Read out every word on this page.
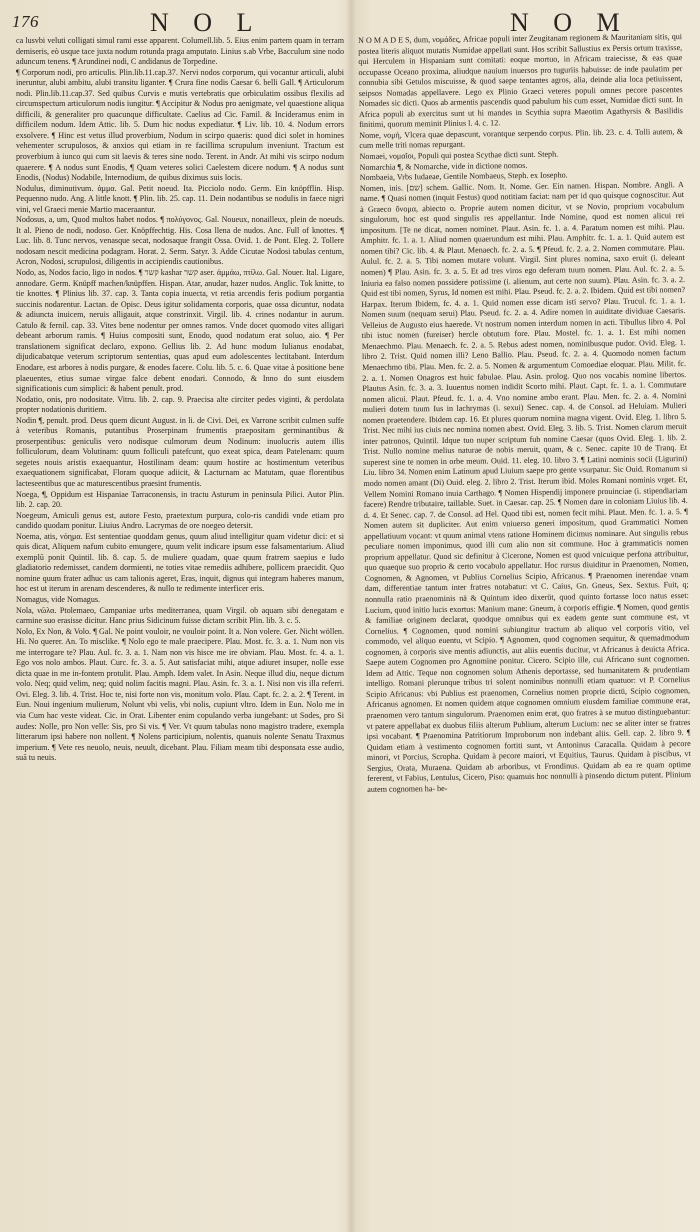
176	N O L	N O M

ca lusvbi veluti colligati simul rami esse apparent. Columell.lib. 5. Eius enim partem quam in terram demiseris, eò usque tace juxta nodum rotunda praga amputato. Linius s.ab Vrbe, Bacculum sine nodo aduncum tenens. ¶ Arundinei nodi, C andidanus de Torpedine.

¶ Corporum nodi, pro articulis. Plin.lib.11.cap.37. Nervi nodos corporum, qui vocantur articuli, alubi ineruntur, alubi ambitu, alubi transitu liganter. ¶ Crura fine nodis Caesar 6. belli Gall. ¶ Articulorum nodi. Plin.lib.11.cap.37. Sed quibus Curvis e mutis vertebratis que orbiculatim ossibus flexilis ad circumspectum articulorum nodis iungitur. ¶ Accipitur & Nodus pro aenigmate, vel quaestione aliqua difficili, & generaliter pro quacunque difficultate. Caelius ad Cic. Famil. & Incideramus enim in difficilem nodum. Idem Attic. lib. 5. Dum hic nodus expediatur. ¶ Liv. lib. 10. 4. Nodum errors exsolvere. ¶ Hinc est vetus illud proverbium, Nodum in scirpo quaeris: quod dici solet in homines vehementer scrupulosos, & anxios qui etiam in re facillima scrupulum inveniunt. Tractum est proverbium à iunco qui cum sit laevis & teres sine nodo. Terent. in Andr. At mihi vis scirpo nodum quaerere. ¶ A nodus sunt Enodis, ¶ Quam veteres solici Caelestem dicere nodum. ¶ A nodus sunt Enodis, (Nodus) Nodabile, Internodium, de quibus diximus suis locis.

Nodulus, diminutivum. ἀμμα. Gal. Petit noeud. Ita. Picciolo nodo. Germ. Ein knöpfflin. Hisp. Pequenno nudo. Ang. A little knott. ¶ Plin. lib. 25. cap. 11. Dein nodantibus se nodulis in faece nigri vini, vel Graeci menie Martio maceraantur.

Nodosus, a, um, Quod multos habet nodos. ¶ πολύγονος. Gal. Noueux, nonailleux, plein de noeuds. It al. Pieno de nodi, nodoso. Ger. Knöpffechtig. His. Cosa llena de nudos. Anc. Full of knottes. ¶ Luc. lib. 8. Tunc nervos, venasque secat, nodosaque frangit Ossa. Ovid. 1. de Pont. Eleg. 2. Tollere nodosam nescit medicina podagram. Horat. 2. Serm. Satyr. 3. Adde Cicutae Nodosi tabulas centum, Acron, Nodosi, scrupulosi, diligentis in accipiendis cautionibus.

Nodo, as, Nodos facio, ligo in nodos. ¶ קשר kashar קשר aser. ἀμμάω, πτίλω. Gal. Nouer. Ital. Ligare, annodare. Germ. Knüpff machen/knüpffen. Hispan. Atar, anudar, hazer nudos. Anglic. Tok knitte, to tie knottes. ¶ Plinius lib. 37. cap. 3. Tanta copia inuecta, vt retia arcendis feris podium porgantia succinis nodarentur. Lactan. de Opisc. Deus igitur solidamenta corporis, quae ossa dicuntur, nodata & adiuncta inuicem, neruis alligauit, atque constrinxit. Virgil. lib. 4. crines nodantur in aurum. Catulo & fernil. cap. 33. Vites bene nodentur per omnes ramos. Vnde docet quomodo vites alligari debeant arborum ramis. ¶ Huius compositi sunt, Enodo, quod nodatum erat soluo, aio. ¶ Per translationem significat declaro, expono. Gellius lib. 2. Ad hunc modum Iulianus enodabat, dijudicabatque veterum scriptorum sententias, quas apud eum adolescentes lectitabant. Interdum Enodare, est arbores à nodis purgare, & enodes facere. Colu. lib. 5. c. 6. Quae vitae à positione bene plaeuentes, etius sumae virgae falce debent enodari. Connodo, & Inno do sunt eiusdem significationis cum simplici: & habent penult. prod.

Nodatio, onis, pro nodositate. Vitru. lib. 2. cap. 9. Praecisa alte circiter pedes viginti, & perdolata propter nodationis duritiem.

Nodin ¶, penult. prod. Deus quem dicunt August. in li. de Civi. Dei, ex Varrone scribit culmen suffe à veteribus Romanis, putantibus Proserpinam frumentis praepositam germinantibus & proserpentibus: geniculis vero nodisque culmorum deum Nodinum: inuolucris autem illis folliculorum, deam Volutinam: quum folliculi patefcunt, quo exeat spica, deam Patelenam: quum segetes nouis aristis exaequantur, Hostilinam deam: quum hostire ac hostimentum veteribus exaequationem significabat, Floram quoque adiicit, & Lacturnam ac Matutam, quae florentibus lacteseentibus que ac maturescentibus praesint frumentis.

Noega, ¶, Oppidum est Hispaniae Tarraconensis, in tractu Asturum in peninsula Pilici. Autor Plin. lib. 2. cap. 20.

Noegeum, Amiculi genus est, autore Festo, praetextum purpura, colo-ris candidi vnde etiam pro candido quodam ponitur. Liuius Andro. Lacrymas de ore noegeo detersit.

Noema, atis, νόημα. Est sententiae quoddam genus, quum aliud intelligitur quam videtur dici: et si quis dicat, Aliquem nafum cubito emungere, quum velit indicare ipsum esse falsamentarium. Aliud exemplū ponit Quintil. lib. 8. cap. 5. de muliere quadam, quae quum fratrem saepius e ludo gladiatorio redemisset, candem dormienti, ne toties vitae remediis adhibere, pollicem praecidit. Quo nomine quum frater adhuc us cam talionis ageret, Eras, inquit, dignus qui integram haberes manum, hoc est ut iterum in arenam descenderes, & nullo te redimente interficer eris.

Nomagus, vide Nomagus.

Nola, νῶλα. Ptolemaeo, Campaniae urbs mediterranea, quam Virgil. ob aquam sibi denegatam e carmine suo erasisse dicitur. Hanc prius Sidicinum fuisse dictam scribit Plin. lib. 3. c. 5.

Nolo, Ex Non, & Volo. ¶ Gal. Ne point vouloir, ne vouloir point. It a. Non volere. Ger. Nicht wöllen. Hi. No querer. An. To misclike. ¶ Nolo ego te male praecipere. Plau. Most. fc. 3. a. 1. Num non vis me interrogare te? Plau. Aul. fc. 3. a. 1. Nam non vis hisce me ire obviam. Plau. Most. fc. 4. a. 1. Ego vos nolo ambos. Plaut. Curc. fc. 3. a. 5. Aut satisfaciat mihi, atque adiuret insuper, nolle esse dicta quae in me in-fontem protulit. Plau. Amph. Idem valet. In Asin. Neque illud diu, neque dictum volo. Neq; quid velim, neq; quid nolim facitis magni. Plau. Asin. fc. 3. a. 1. Nisi non vis illa referri. Ovi. Eleg. 3. lib. 4. Trist. Hoc te, nisi forte non vis, monitum volo. Plau. Capt. fc. 2. a. 2. ¶ Terent. in Eun. Noui ingenium mulierum, Nolunt vbi velis, vbi nolis, cupiunt vltro. Idem in Eun. Nolo me in via Cum hac veste videat. Cic. in Orat. Libenter enim copulando verba iungebant: ut Sodes, pro Si audes: Nolle, pro Non velle: Sis, pro Si vis. ¶ Ver. Vt quum tabulas nono magistro tradere, exempla litterarum ipsi habere non nollent. ¶ Nolens participium, nolentis, quanuis nolente Senatu Traxmus imperium. ¶ Vete res neuolo, neuis, neuult, dicebant. Plau. Filiam meam tibi desponsata esse audio, suā tu neuis.

N O M A D E S, dum, νομάδες, Africae populi inter Zeugitanam regionem & Mauritaniam sitis, qui postea literis aliquot mutatis Numidae appellati sunt. Hos scribit Sallustius ex Persis ortum traxisse, qui Herculem in Hispaniam sunt comitati: eoque mortuo, in Africam traiecisse, & eas quae occupasse Oceano proxima, aliudque nauium inuersos pro tuguriis habuisse: de inde paulatim per connubia sibi Getulos miscuisse, & quod saepe tentantes agros, alia, deinde alia loca petiuissent, seipsos Nomadas appellavere. Lego ex Plinio Graeci veteres populi omnes pecore pascentes Nomades sic dicti. Quos ab armentis pascendis quod pabulum his cum esset, Numidae dicti sunt. In Africa populi ab exercitus sunt ut hi mandes in Scythia supra Maeotim Agathyrsis & Basilidis finitimi, quorum meminit Plinius l. 4. c. 12.

Nome, νομή, Vlcera quae depascunt, vorantque serpendo corpus. Plin. lib. 23. c. 4. Tolli autem, & cum melle triti nomas repurgant.

Nomaei, νομαῖοι, Populi qui postea Scythae dicti sunt. Steph.

Nomarchia ¶, & Nomarche, vide in dictione nomos.

Nombaeia, Vrbs Iudaeae, Gentile Nombaeus, Steph. ex Iosepho.

Nomen, inis. [שם] schem. Gallic. Nom. It. Nome. Ger. Ein namen. Hispan. Nombre. Angli. A name. ¶ Quasi nomen (inquit Festus) quod notitiam faciat: nam per id quo quisque cognoscitur. Aut à Graeco ὄνομα, abiecto ο. Proprie autem nomen dicitur, vt se Novio, proprium vocabulum singulorum, hoc est quod singulis res appellantur. Inde Nomine, quod est nomen alicui rei impositum. [Te ne dicat, nomen nominet. Plaut. Asin. fc. 1. a. 4. Paratum nomen est mihi. Plau. Amphitr. fc. 1. a. 1. Aliud nomen quaerundum est mihi. Plau. Amphitr. fc. 1. a. 1. Quid autem est nomen tibi? Cic. lib. 4. & Plaut. Menaech. fc. 2. a. 5. ¶ Pfeud. fc. 2. a. 2. Nomen commutare. Plau. Aulul. fc. 2. a. 5. Tibi nomen mutare volunt. Virgil. Sint plures nomina, saxo eruit (i. deleant nomen) ¶ Plau. Asin. fc. 3. a. 5. Et ad tres viros ego deferam tuum nomen. Plau. Aul. fc. 2. a. 5. Iniuria ea falso nomen possidere potissime (i. alienum, aut certe non suum). Plau. Asin. fc. 3. a. 2. Quid est tibi nomen, Syrus, Id nomen est mihi. Plau. Pseud. fc. 2. a. 2. Ibidem. Quid est tibi nomen? Harpax. Iterum Ibidem, fc. 4. a. 1. Quid nomen esse dicam isti servo? Plau. Trucul. fc. 1. a. 1. Nomen suum (nequam serui) Plau. Pseud. fc. 2. a. 4. Adire nomen in auiditate dividuae Caesaris. Velleius de Augusto eius haerede. Vt nostrum nomen interdum nomen in acti. Tibullus libro 4. Pol tibi istuc nomen (fureiser) hercle obtutum fore. Plau. Mostel. fc. 1. a. 1. Est mihi nomen Menaechmo. Plau. Menaech. fc. 2. a. 5. Rebus adest nomen, nominibusque pudor. Ovid. Eleg. 1. libro 2. Trist. Quid nomen illi? Leno Ballio. Plau. Pseud. fc. 2. a. 4. Quomodo nomen factum Menaechmo tibi. Plau. Men. fc. 2. a. 5. Nomen & argumentum Comoediae eloquar. Plau. Milit. fc. 2. a. 1. Nomen Onagros est huic fabulae. Plau. Asin. prolog. Quo nos vocabis nomine libertos. Plautus Asin. fc. 3. a. 3. Iuuentus nomen indidit Scorto mihi. Plaut. Capt. fc. 1. a. 1. Commutare nomen alicui. Plaut. Pfeud. fc. 1. a. 4. Vno nomine ambo erant. Plau. Men. fc. 2. a. 4. Nomini mulieri dotem tuum Ius in lachrymas (i. sexui) Senec. cap. 4. de Consol. ad Heluiam. Mulieri nomen praetendere. Ibidem cap. 16. Et plures quorum nomina magna vigent. Ovid. Eleg. 1. libro 5. Trist. Nec mihi ius ciuis nec nomina nomen abest. Ovid. Eleg. 3. lib. 5. Trist. Nomen clarum meruit inter patronos, Quintil. Idque tuo nuper scriptum fub nomine Caesar (quos Ovid. Eleg. 1. lib. 2. Trist. Nullo nomine melius naturae de nobis meruit, quam, & c. Senec. capite 10 de Tranq. Et superest sine te nomen in orbe meum. Ouid. 11. eleg. 10. libro 3. ¶ Latini nominis socii (Ligurini) Liu. libro 34. Nomen enim Latinum apud Liuium saepe pro gente vsurpatur. Sic Ouid. Romanum si modo nomen amant (Di) Ouid. eleg. 2. libro 2. Trist. Iterum ibid. Moles Romani nominis vrget. Et, Vellem Nomini Romano inuia Carthago. ¶ Nomen Hispendij imponere prouinciae (i. stipendiariam facere) Rendre tributaire, taillable. Suet. in Caesar. cap. 25. ¶ Nomen dare in coloniam Liuius lib. 4. d. 4. Et Senec. cap. 7. de Consol. ad Hel. Quod tibi est, nomen fecit mihi. Plaut. Men. fc. 1. a. 5. ¶ Nomen autem sit dupliciter. Aut enim vniuerso generi impositum, quod Grammatici Nomen appellatiuum vocant: vt quum animal vtens ratione Hominem dicimus nominare. Aut singulis rebus peculiare nomen imponimus, quod illi cum alio non sit commune. Hoc à grammaticis nomen proprium appellatur. Quod sic definitur à Cicerone, Nomen est quod vnicuique perfona attribuitur, quo quaeque suo proprio & certo vocabulo appellatur. Hoc rursus diuiditur in Praenomen, Nomen, Cognomen, & Agnomen, vt Publius Cornelius Scipio, Africanus. ¶ Praenomen inerendae vnam dam, differentiae tantum inter fratres notabatur: vt C. Caius, Gn. Gneus, Sex. Sextus. Fuit, q; nonnulla ratio praenominis nā & Quintum ideo dixerūt, quod quinto fortasse loco natus esset: Lucium, quod initio lucis exortus: Manium mane: Gneum, à corporis effigie. ¶ Nomen, quod gentis & familiae originem declarat, quodque omnibus qui ex eadem gente sunt commune est, vt Cornelius. ¶ Cognomen, quod nomini subiungitur tractum ab aliquo vel corporis vitio, vel commodo, vel aliquo euentu, vt Scipio. ¶ Agnomen, quod cognomen sequitur, & quemadmodum cognomen, à corporis sive mentis adiunctis, aut aliis euentis ducitur, vt Africanus à deuicta Africa. Saepe autem Cognomen pro Agnomine ponitur. Cicero. Scipio ille, cui Africano sunt cognomen. Idem ad Attic. Teque non cognomen solum Athenis deportasse, sed humanitatem & prudentiam intelligo. Romani plerunque tribus tri solent nominibus nonnulli etiam quatuor: vt P. Cornelius Scipio Africanus: vbi Publius est praenomen, Cornelius nomen proprie dictū, Scipio cognomen, Africanus agnomen. Et nomen quidem atque cognomen omnium eiusdem familiae commune erat, praenomen vero tantum singulorum. Praenomen enim erat, quo fratres à se mutuo distinguebantur: vt patere appellabat ex duobus filiis alterum Publium, alterum Lucium: nec se aliter inter se fratres ipsi vocabant. ¶ Praenomina Patritiorum Improborum non indebant aliis. Gell. cap. 2. libro 9. ¶ Quidam etiam à vestimento cognomen fortiti sunt, vt Antoninus Caracalla. Quidam à pecore minori, vt Porcius, Scropha. Quidam à pecore maiori, vt Equitius, Taurus. Quidam à piscibus, vt Sergius, Orata, Muraena. Quidam ab arboribus, vt Frondinus. Quidam ab ea re quam optime fererent, vt Fabius, Lentulus, Cicero, Piso: quamuis hoc nonnulli à pinsendo dictum putent. Plinium autem cognomen ha- be-
